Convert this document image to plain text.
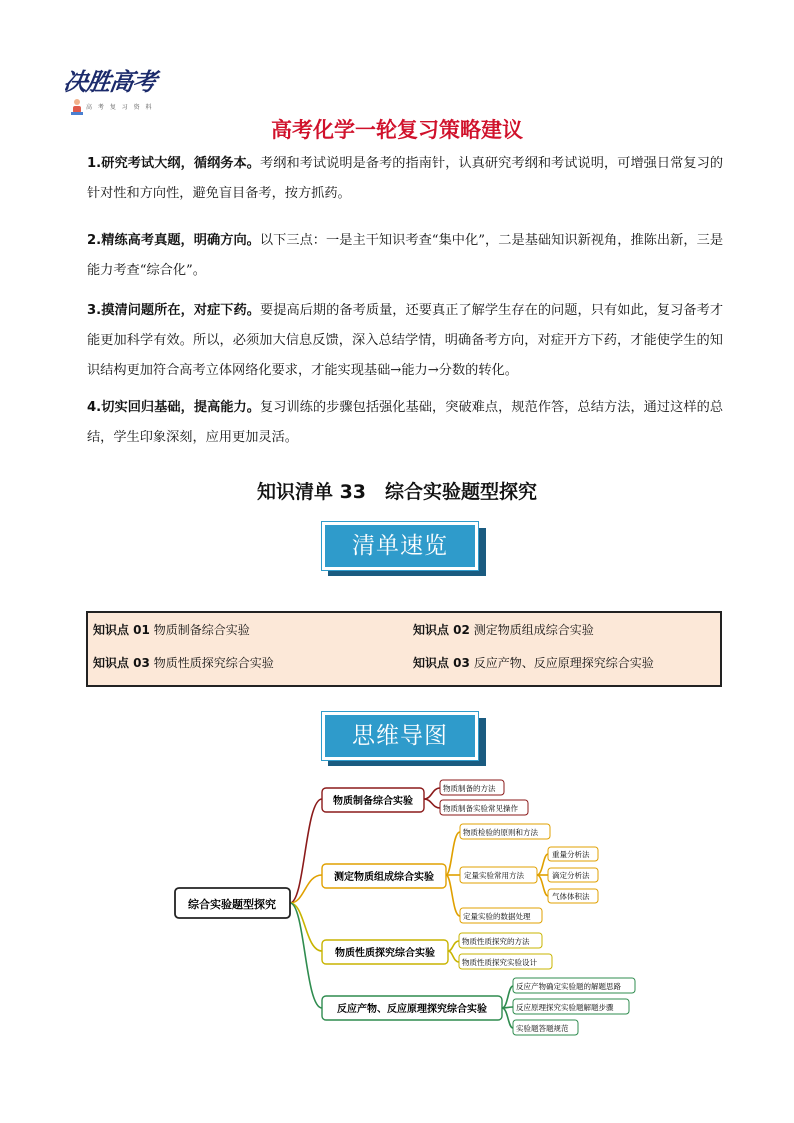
决胜高考
高 考 复 习 资 料
高考化学一轮复习策略建议
1.研究考试大纲，循纲务本。考纲和考试说明是备考的指南针，认真研究考纲和考试说明，可增强日常复习的针对性和方向性，避免盲目备考，按方抓药。
2.精练高考真题，明确方向。以下三点：一是主干知识考查“集中化”，二是基础知识新视角，推陈出新，三是能力考查“综合化”。
3.摸清问题所在，对症下药。要提高后期的备考质量，还要真正了解学生存在的问题，只有如此，复习备考才能更加科学有效。所以，必须加大信息反馈，深入总结学情，明确备考方向，对症开方下药，才能使学生的知识结构更加符合高考立体网络化要求，才能实现基础→能力→分数的转化。
4.切实回归基础，提高能力。复习训练的步骤包括强化基础，突破难点，规范作答，总结方法，通过这样的总结，学生印象深刻，应用更加灵活。
知识清单 33　综合实验题型探究
清单速览
知识点 01 物质制备综合实验	知识点 02 测定物质组成综合实验
知识点 03 物质性质探究综合实验	知识点 03 反应产物、反应原理探究综合实验
思维导图
综合实验题型探究
物质制备综合实验
测定物质组成综合实验
物质性质探究综合实验
反应产物、反应原理探究综合实验
物质制备的方法
物质制备实验常见操作
物质检验的原则和方法
定量实验常用方法
定量实验的数据处理
重量分析法
滴定分析法
气体体积法
物质性质探究的方法
物质性质探究实验设计
反应产物确定实验题的解题思路
反应原理探究实验题解题步骤
实验题答题规范
